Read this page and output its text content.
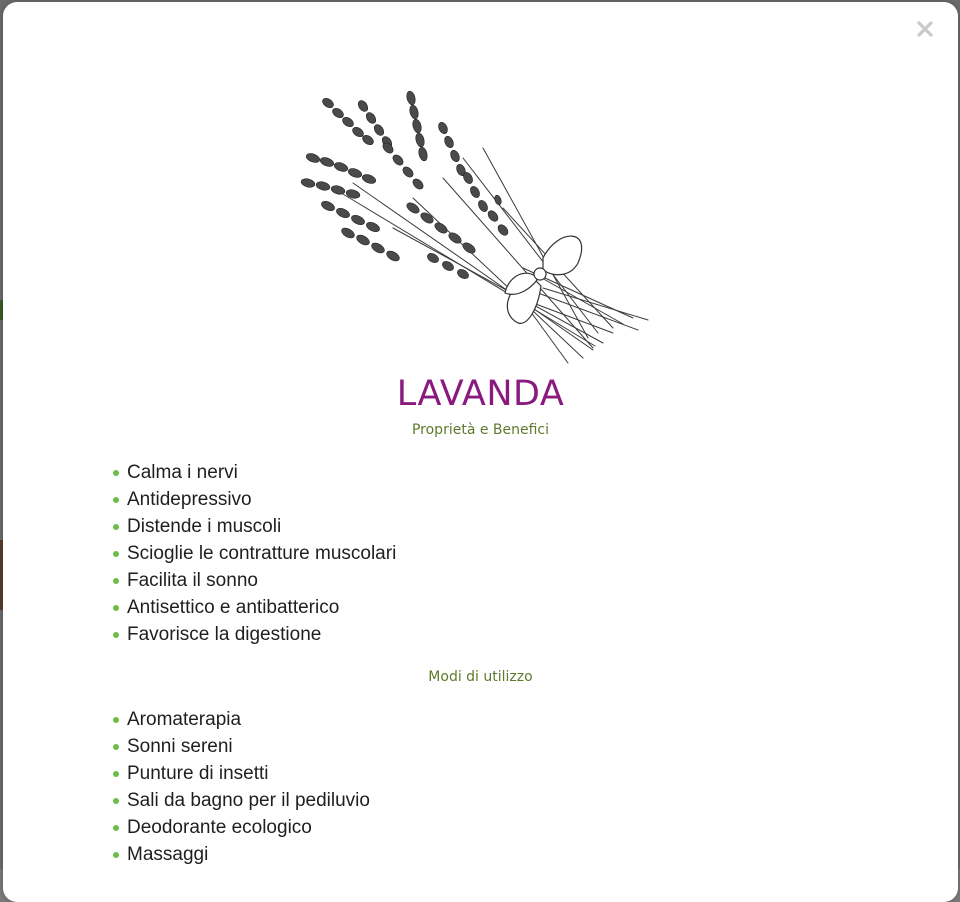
LAVANDA

Proprietà e Benefici

Calma i nervi
Antidepressivo
Distende i muscoli
Scioglie le contratture muscolari
Facilita il sonno
Antisettico e antibatterico
Favorisce la digestione

Modi di utilizzo

Aromaterapia
Sonni sereni
Punture di insetti
Sali da bagno per il pediluvio
Deodorante ecologico
Massaggi
